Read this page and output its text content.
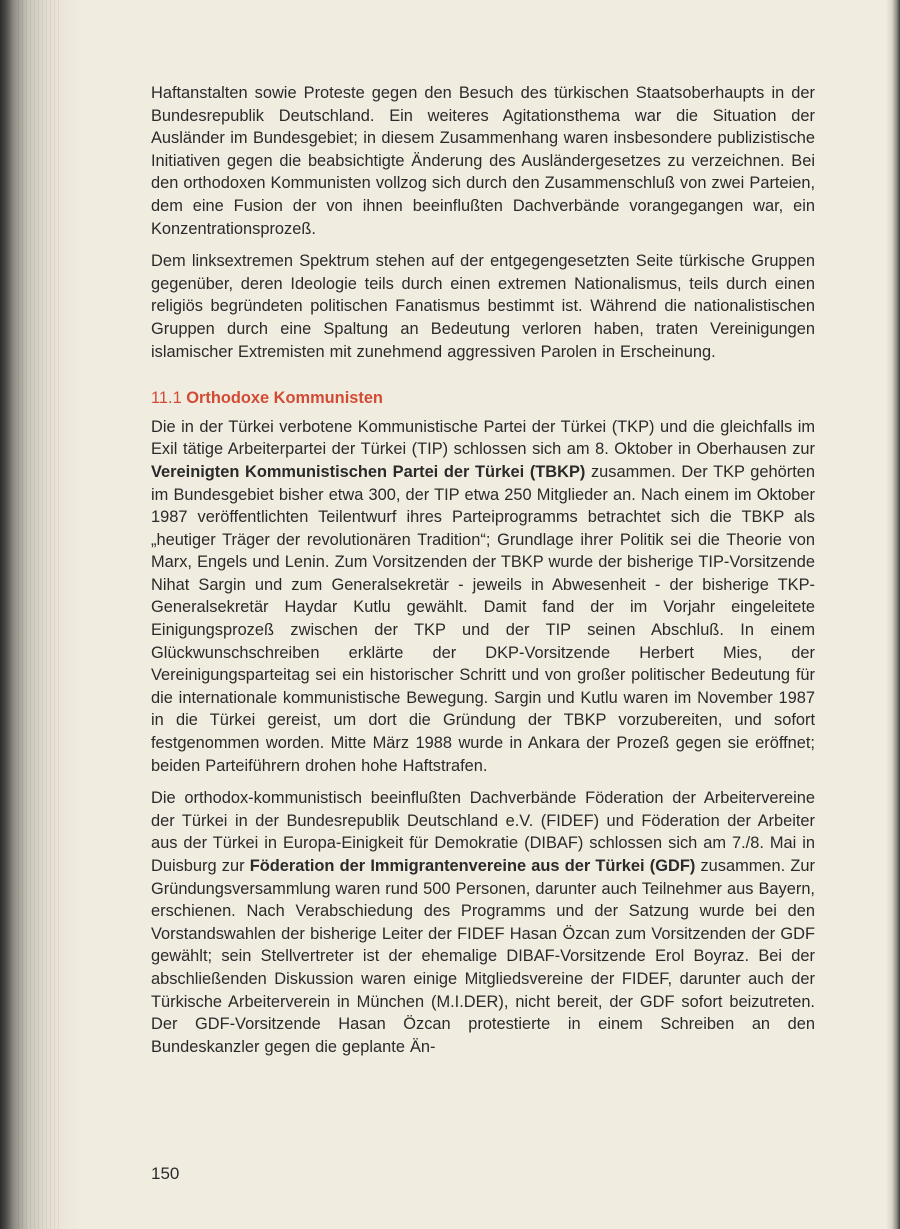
Haftanstalten sowie Proteste gegen den Besuch des türkischen Staatsoberhaupts in der Bundesrepublik Deutschland. Ein weiteres Agitationsthema war die Situation der Ausländer im Bundesgebiet; in diesem Zusammenhang waren insbesondere publizistische Initiativen gegen die beabsichtigte Änderung des Ausländergesetzes zu verzeichnen. Bei den orthodoxen Kommunisten vollzog sich durch den Zusammenschluß von zwei Parteien, dem eine Fusion der von ihnen beeinflußten Dachverbände vorangegangen war, ein Konzentrationsprozeß.

Dem linksextremen Spektrum stehen auf der entgegengesetzten Seite türkische Gruppen gegenüber, deren Ideologie teils durch einen extremen Nationalismus, teils durch einen religiös begründeten politischen Fanatismus bestimmt ist. Während die nationalistischen Gruppen durch eine Spaltung an Bedeutung verloren haben, traten Vereinigungen islamischer Extremisten mit zunehmend aggressiven Parolen in Erscheinung.

11.1 Orthodoxe Kommunisten

Die in der Türkei verbotene Kommunistische Partei der Türkei (TKP) und die gleichfalls im Exil tätige Arbeiterpartei der Türkei (TIP) schlossen sich am 8. Oktober in Oberhausen zur Vereinigten Kommunistischen Partei der Türkei (TBKP) zusammen. Der TKP gehörten im Bundesgebiet bisher etwa 300, der TIP etwa 250 Mitglieder an. Nach einem im Oktober 1987 veröffentlichten Teilentwurf ihres Parteiprogramms betrachtet sich die TBKP als „heutiger Träger der revolutionären Tradition“; Grundlage ihrer Politik sei die Theorie von Marx, Engels und Lenin. Zum Vorsitzenden der TBKP wurde der bisherige TIP-Vorsitzende Nihat Sargin und zum Generalsekretär - jeweils in Abwesenheit - der bisherige TKP-Generalsekretär Haydar Kutlu gewählt. Damit fand der im Vorjahr eingeleitete Einigungsprozeß zwischen der TKP und der TIP seinen Abschluß. In einem Glückwunschschreiben erklärte der DKP-Vorsitzende Herbert Mies, der Vereinigungsparteitag sei ein historischer Schritt und von großer politischer Bedeutung für die internationale kommunistische Bewegung. Sargin und Kutlu waren im November 1987 in die Türkei gereist, um dort die Gründung der TBKP vorzubereiten, und sofort festgenommen worden. Mitte März 1988 wurde in Ankara der Prozeß gegen sie eröffnet; beiden Parteiführern drohen hohe Haftstrafen.

Die orthodox-kommunistisch beeinflußten Dachverbände Föderation der Arbeitervereine der Türkei in der Bundesrepublik Deutschland e.V. (FIDEF) und Föderation der Arbeiter aus der Türkei in Europa-Einigkeit für Demokratie (DIBAF) schlossen sich am 7./8. Mai in Duisburg zur Föderation der Immigrantenvereine aus der Türkei (GDF) zusammen. Zur Gründungsversammlung waren rund 500 Personen, darunter auch Teilnehmer aus Bayern, erschienen. Nach Verabschiedung des Programms und der Satzung wurde bei den Vorstandswahlen der bisherige Leiter der FIDEF Hasan Özcan zum Vorsitzenden der GDF gewählt; sein Stellvertreter ist der ehemalige DIBAF-Vorsitzende Erol Boyraz. Bei der abschließenden Diskussion waren einige Mitgliedsvereine der FIDEF, darunter auch der Türkische Arbeiterverein in München (M.I.DER), nicht bereit, der GDF sofort beizutreten. Der GDF-Vorsitzende Hasan Özcan protestierte in einem Schreiben an den Bundeskanzler gegen die geplante Än-

150
